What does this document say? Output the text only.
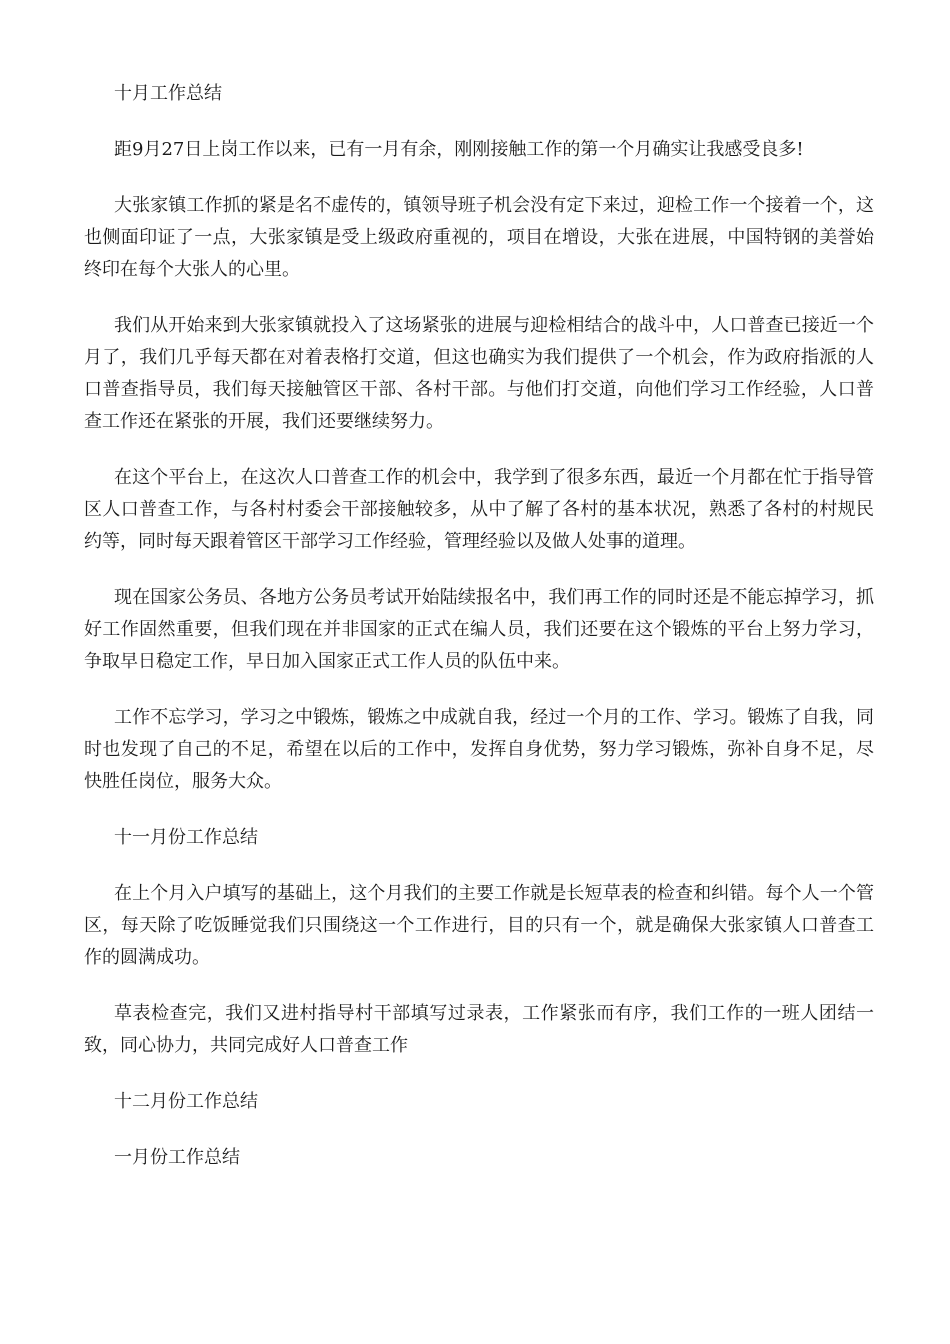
十月工作总结

距9月27日上岗工作以来，已有一月有余，刚刚接触工作的第一个月确实让我感受良多!

大张家镇工作抓的紧是名不虚传的，镇领导班子机会没有定下来过，迎检工作一个接着一个，这也侧面印证了一点，大张家镇是受上级政府重视的，项目在增设，大张在进展，中国特钢的美誉始终印在每个大张人的心里。

我们从开始来到大张家镇就投入了这场紧张的进展与迎检相结合的战斗中，人口普查已接近一个月了，我们几乎每天都在对着表格打交道，但这也确实为我们提供了一个机会，作为政府指派的人口普查指导员，我们每天接触管区干部、各村干部。与他们打交道，向他们学习工作经验，人口普查工作还在紧张的开展，我们还要继续努力。

在这个平台上，在这次人口普查工作的机会中，我学到了很多东西，最近一个月都在忙于指导管区人口普查工作，与各村村委会干部接触较多，从中了解了各村的基本状况，熟悉了各村的村规民约等，同时每天跟着管区干部学习工作经验，管理经验以及做人处事的道理。

现在国家公务员、各地方公务员考试开始陆续报名中，我们再工作的同时还是不能忘掉学习，抓好工作固然重要，但我们现在并非国家的正式在编人员，我们还要在这个锻炼的平台上努力学习，争取早日稳定工作，早日加入国家正式工作人员的队伍中来。

工作不忘学习，学习之中锻炼，锻炼之中成就自我，经过一个月的工作、学习。锻炼了自我，同时也发现了自己的不足，希望在以后的工作中，发挥自身优势，努力学习锻炼，弥补自身不足，尽快胜任岗位，服务大众。

十一月份工作总结

在上个月入户填写的基础上，这个月我们的主要工作就是长短草表的检查和纠错。每个人一个管区，每天除了吃饭睡觉我们只围绕这一个工作进行，目的只有一个，就是确保大张家镇人口普查工作的圆满成功。

草表检查完，我们又进村指导村干部填写过录表，工作紧张而有序，我们工作的一班人团结一致，同心协力，共同完成好人口普查工作

十二月份工作总结

一月份工作总结
